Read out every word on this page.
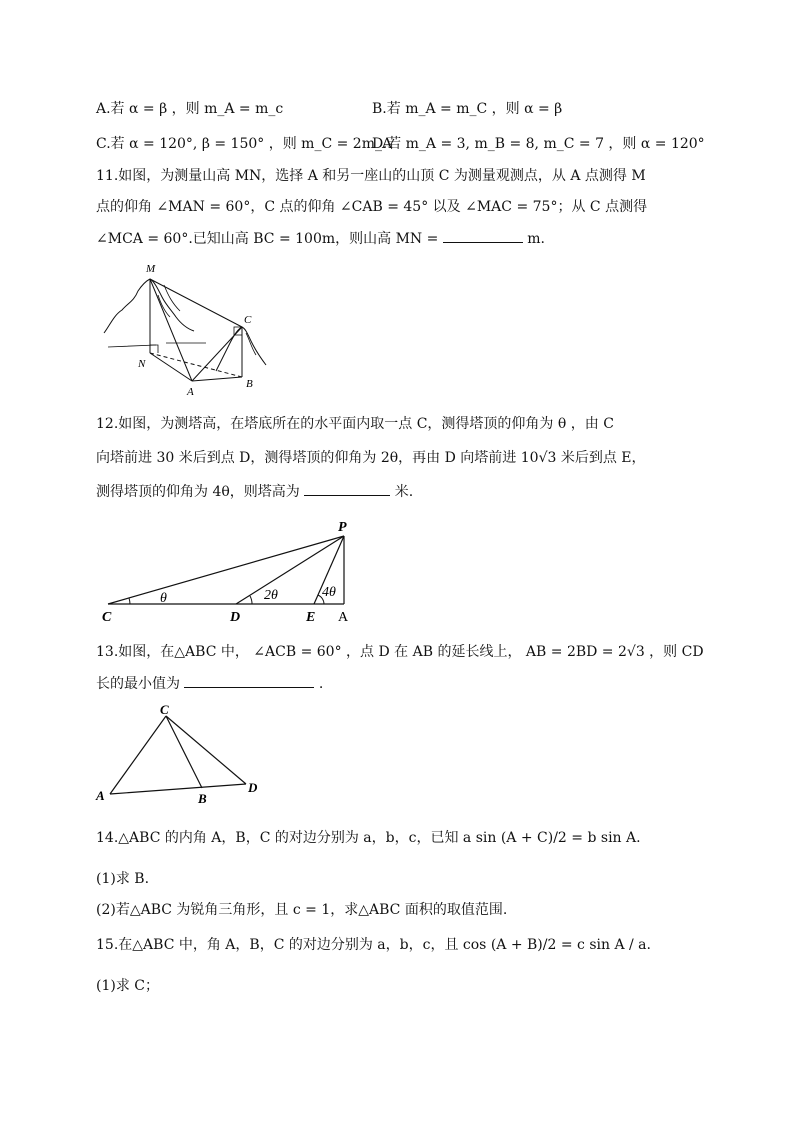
A.若 α = β ，则 m_A = m_c	B.若 m_A = m_C ，则 α = β
C.若 α = 120°, β = 150° ，则 m_C = 2m_A
D.若 m_A = 3, m_B = 8, m_C = 7 ，则 α = 120°
11.如图，为测量山高 MN，选择 A 和另一座山的山顶 C 为测量观测点，从 A 点测得 M
点的仰角 ∠MAN = 60°，C 点的仰角 ∠CAB = 45° 以及 ∠MAC = 75°；从 C 点测得
∠MCA = 60°.已知山高 BC = 100m，则山高 MN =	m.
M
C
N
A
B
12.如图，为测塔高，在塔底所在的水平面内取一点 C，测得塔顶的仰角为 θ ，由 C
向塔前进 30 米后到点 D，测得塔顶的仰角为 2θ，再由 D 向塔前进 10√3 米后到点 E，
测得塔顶的仰角为 4θ，则塔高为	米.
P
C	D	E A
θ	2θ	4θ
13.如图，在△ABC 中， ∠ACB = 60° ，点 D 在 AB 的延长线上， AB = 2BD = 2√3 ，则 CD
长的最小值为	.
C
A	B
D
14.△ABC 的内角 A，B，C 的对边分别为 a，b，c，已知 a sin (A + C)/2 = b sin A.
(1)求 B.
(2)若△ABC 为锐角三角形，且 c = 1，求△ABC 面积的取值范围.
15.在△ABC 中，角 A，B，C 的对边分别为 a，b，c，且 cos (A + B)/2 = c sin A / a.
(1)求 C；
